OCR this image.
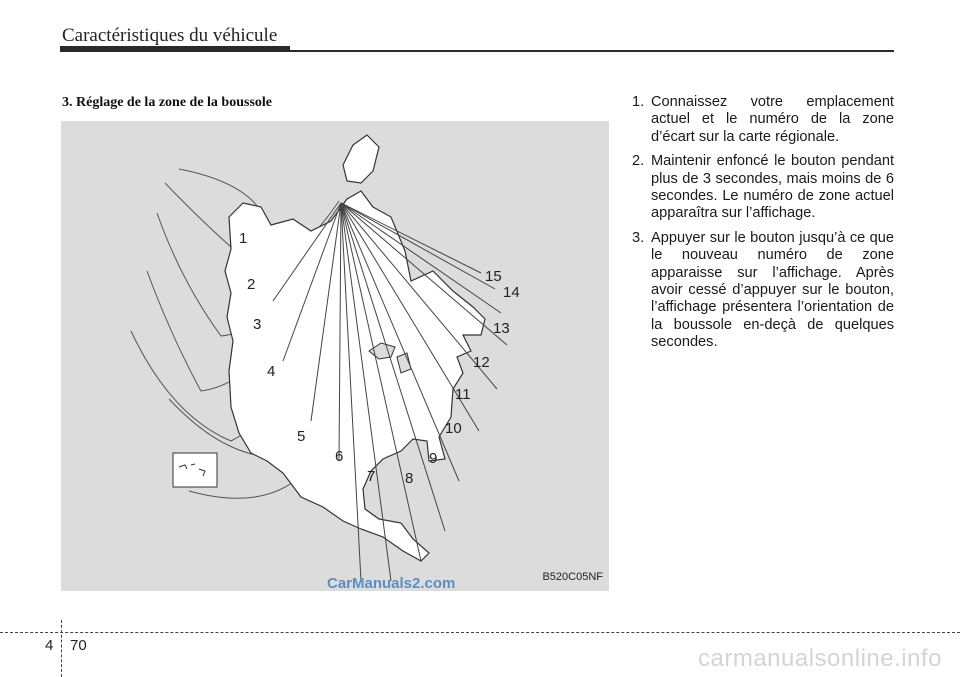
Caractéristiques du véhicule
3. Réglage de la zone de la boussole
1
2
3
4
5
6
7 8
9
10
11
12
13
14
15
CarManuals2.com	B520C05NF
1. Connaissez votre emplacement actuel et le numéro de la zone d’écart sur la carte régionale.
2. Maintenir enfoncé le bouton pendant plus de 3 secondes, mais moins de 6 secondes. Le numéro de zone actuel apparaîtra sur l’affichage.
3. Appuyer sur le bouton jusqu’à ce que le nouveau numéro de zone apparaisse sur l’affichage. Après avoir cessé d’appuyer sur le bouton, l’affichage présentera l’orientation de la boussole en-deçà de quelques secondes.
4 70	carmanualsonline.info
